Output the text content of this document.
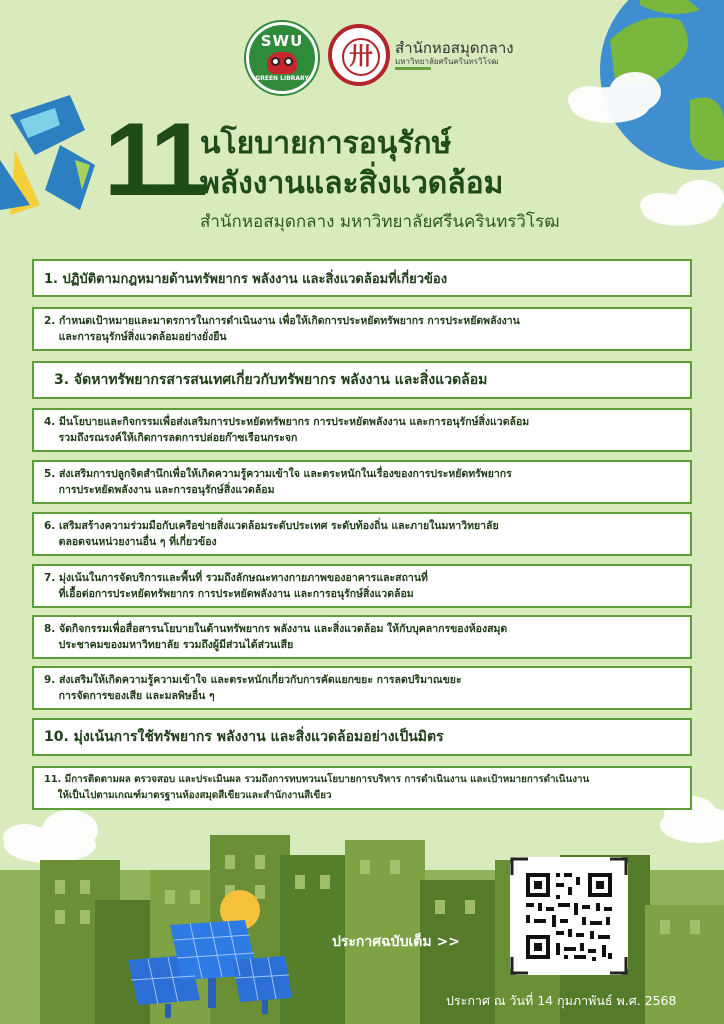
SWU
GREEN LIBRARY
卅	สำนักหอสมุดกลาง
มหาวิทยาลัยศรีนครินทรวิโรฒ
11
นโยบายการอนุรักษ์
พลังงานและสิ่งแวดล้อม
สำนักหอสมุดกลาง มหาวิทยาลัยศรีนครินทรวิโรฒ
1. ปฏิบัติตามกฎหมายด้านทรัพยากร พลังงาน และสิ่งแวดล้อมที่เกี่ยวข้อง
2. กำหนดเป้าหมายและมาตรการในการดำเนินงาน เพื่อให้เกิดการประหยัดทรัพยากร การประหยัดพลังงาน
และการอนุรักษ์สิ่งแวดล้อมอย่างยั่งยืน
3. จัดหาทรัพยากรสารสนเทศเกี่ยวกับทรัพยากร พลังงาน และสิ่งแวดล้อม
4. มีนโยบายและกิจกรรมเพื่อส่งเสริมการประหยัดทรัพยากร การประหยัดพลังงาน และการอนุรักษ์สิ่งแวดล้อม
รวมถึงรณรงค์ให้เกิดการลดการปล่อยก๊าซเรือนกระจก
5. ส่งเสริมการปลูกจิตสำนึกเพื่อให้เกิดความรู้ความเข้าใจ และตระหนักในเรื่องของการประหยัดทรัพยากร
การประหยัดพลังงาน และการอนุรักษ์สิ่งแวดล้อม
6. เสริมสร้างความร่วมมือกับเครือข่ายสิ่งแวดล้อมระดับประเทศ ระดับท้องถิ่น และภายในมหาวิทยาลัย
ตลอดจนหน่วยงานอื่น ๆ ที่เกี่ยวข้อง
7. มุ่งเน้นในการจัดบริการและพื้นที่ รวมถึงลักษณะทางกายภาพของอาคารและสถานที่
ที่เอื้อต่อการประหยัดทรัพยากร การประหยัดพลังงาน และการอนุรักษ์สิ่งแวดล้อม
8. จัดกิจกรรมเพื่อสื่อสารนโยบายในด้านทรัพยากร พลังงาน และสิ่งแวดล้อม ให้กับบุคลากรของห้องสมุด
ประชาคมของมหาวิทยาลัย รวมถึงผู้มีส่วนได้ส่วนเสีย
9. ส่งเสริมให้เกิดความรู้ความเข้าใจ และตระหนักเกี่ยวกับการคัดแยกขยะ การลดปริมาณขยะ
การจัดการของเสีย และมลพิษอื่น ๆ
10. มุ่งเน้นการใช้ทรัพยากร พลังงาน และสิ่งแวดล้อมอย่างเป็นมิตร
11. มีการติดตามผล ตรวจสอบ และประเมินผล รวมถึงการทบทวนนโยบายการบริหาร การดำเนินงาน และเป้าหมายการดำเนินงาน
ให้เป็นไปตามเกณฑ์มาตรฐานห้องสมุดสีเขียวและสำนักงานสีเขียว
ประกาศฉบับเต็ม >>
ประกาศ ณ วันที่ 14 กุมภาพันธ์ พ.ศ. 2568
